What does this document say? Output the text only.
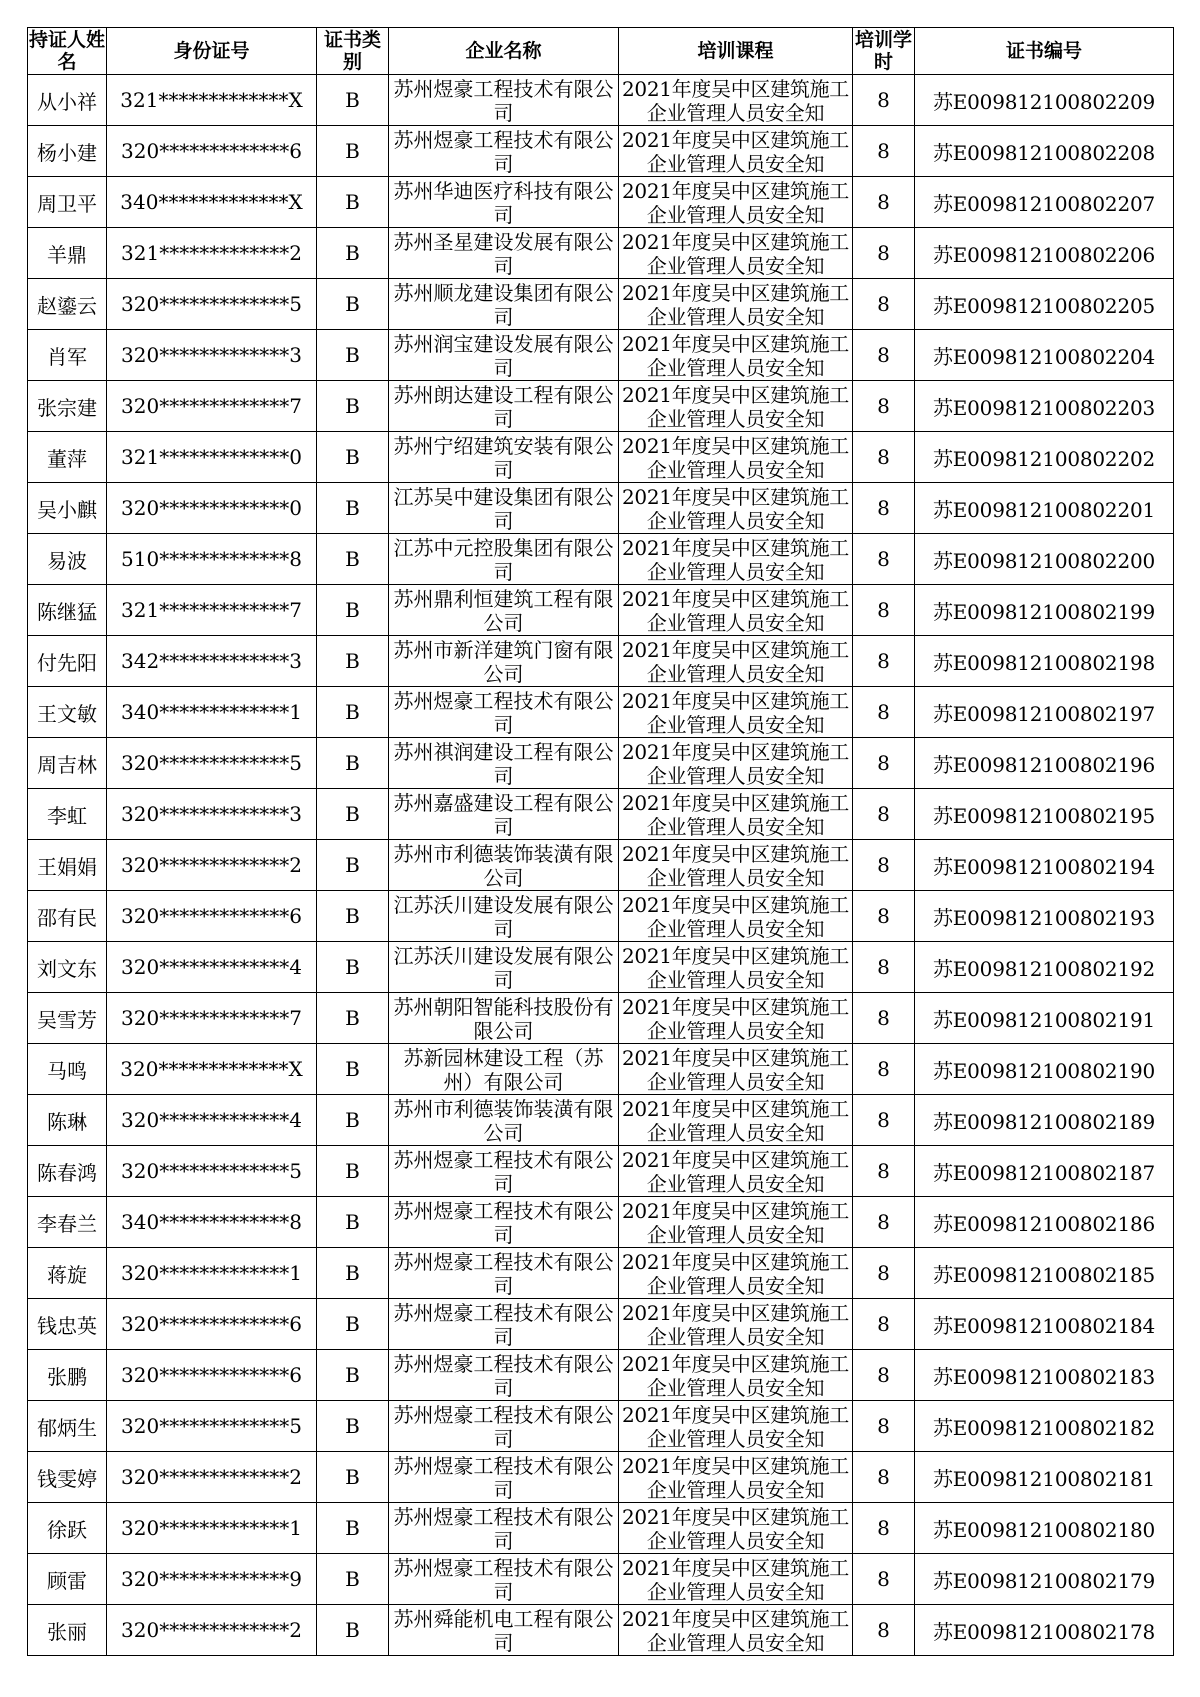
持证人姓名	身份证号	证书类别	企业名称	培训课程	培训学时	证书编号
从小祥	321*************X	B	苏州煜豪工程技术有限公司	2021年度吴中区建筑施工企业管理人员安全知	8	苏E009812100802209
杨小建	320*************6	B	苏州煜豪工程技术有限公司	2021年度吴中区建筑施工企业管理人员安全知	8	苏E009812100802208
周卫平	340*************X	B	苏州华迪医疗科技有限公司	2021年度吴中区建筑施工企业管理人员安全知	8	苏E009812100802207
羊鼎	321*************2	B	苏州圣星建设发展有限公司	2021年度吴中区建筑施工企业管理人员安全知	8	苏E009812100802206
赵鎏云	320*************5	B	苏州顺龙建设集团有限公司	2021年度吴中区建筑施工企业管理人员安全知	8	苏E009812100802205
肖军	320*************3	B	苏州润宝建设发展有限公司	2021年度吴中区建筑施工企业管理人员安全知	8	苏E009812100802204
张宗建	320*************7	B	苏州朗达建设工程有限公司	2021年度吴中区建筑施工企业管理人员安全知	8	苏E009812100802203
董萍	321*************0	B	苏州宁绍建筑安装有限公司	2021年度吴中区建筑施工企业管理人员安全知	8	苏E009812100802202
吴小麒	320*************0	B	江苏吴中建设集团有限公司	2021年度吴中区建筑施工企业管理人员安全知	8	苏E009812100802201
易波	510*************8	B	江苏中元控股集团有限公司	2021年度吴中区建筑施工企业管理人员安全知	8	苏E009812100802200
陈继猛	321*************7	B	苏州鼎利恒建筑工程有限公司	2021年度吴中区建筑施工企业管理人员安全知	8	苏E009812100802199
付先阳	342*************3	B	苏州市新洋建筑门窗有限公司	2021年度吴中区建筑施工企业管理人员安全知	8	苏E009812100802198
王文敏	340*************1	B	苏州煜豪工程技术有限公司	2021年度吴中区建筑施工企业管理人员安全知	8	苏E009812100802197
周吉林	320*************5	B	苏州祺润建设工程有限公司	2021年度吴中区建筑施工企业管理人员安全知	8	苏E009812100802196
李虹	320*************3	B	苏州嘉盛建设工程有限公司	2021年度吴中区建筑施工企业管理人员安全知	8	苏E009812100802195
王娟娟	320*************2	B	苏州市利德装饰装潢有限公司	2021年度吴中区建筑施工企业管理人员安全知	8	苏E009812100802194
邵有民	320*************6	B	江苏沃川建设发展有限公司	2021年度吴中区建筑施工企业管理人员安全知	8	苏E009812100802193
刘文东	320*************4	B	江苏沃川建设发展有限公司	2021年度吴中区建筑施工企业管理人员安全知	8	苏E009812100802192
吴雪芳	320*************7	B	苏州朝阳智能科技股份有限公司	2021年度吴中区建筑施工企业管理人员安全知	8	苏E009812100802191
马鸣	320*************X	B	苏新园林建设工程（苏州）有限公司	2021年度吴中区建筑施工企业管理人员安全知	8	苏E009812100802190
陈琳	320*************4	B	苏州市利德装饰装潢有限公司	2021年度吴中区建筑施工企业管理人员安全知	8	苏E009812100802189
陈春鸿	320*************5	B	苏州煜豪工程技术有限公司	2021年度吴中区建筑施工企业管理人员安全知	8	苏E009812100802187
李春兰	340*************8	B	苏州煜豪工程技术有限公司	2021年度吴中区建筑施工企业管理人员安全知	8	苏E009812100802186
蒋旋	320*************1	B	苏州煜豪工程技术有限公司	2021年度吴中区建筑施工企业管理人员安全知	8	苏E009812100802185
钱忠英	320*************6	B	苏州煜豪工程技术有限公司	2021年度吴中区建筑施工企业管理人员安全知	8	苏E009812100802184
张鹏	320*************6	B	苏州煜豪工程技术有限公司	2021年度吴中区建筑施工企业管理人员安全知	8	苏E009812100802183
郁炳生	320*************5	B	苏州煜豪工程技术有限公司	2021年度吴中区建筑施工企业管理人员安全知	8	苏E009812100802182
钱雯婷	320*************2	B	苏州煜豪工程技术有限公司	2021年度吴中区建筑施工企业管理人员安全知	8	苏E009812100802181
徐跃	320*************1	B	苏州煜豪工程技术有限公司	2021年度吴中区建筑施工企业管理人员安全知	8	苏E009812100802180
顾雷	320*************9	B	苏州煜豪工程技术有限公司	2021年度吴中区建筑施工企业管理人员安全知	8	苏E009812100802179
张丽	320*************2	B	苏州舜能机电工程有限公司	2021年度吴中区建筑施工企业管理人员安全知	8	苏E009812100802178
